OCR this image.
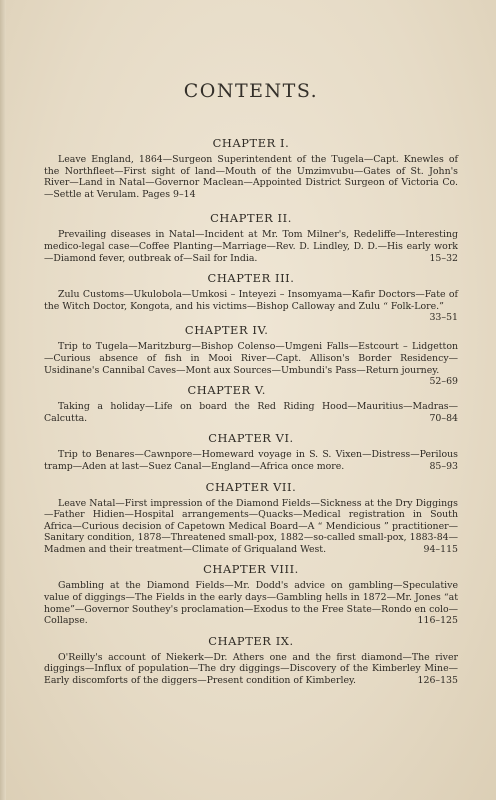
CONTENTS.
CHAPTER I.

Leave England, 1864—Surgeon Superintendent of the Tugela—Capt. Knewles of the Northfleet—First sight of land—Mouth of the Umzimvubu—Gates of St. John's River—Land in Natal—Governor Maclean—Appointed District Surgeon of Victoria Co.—Settle at Verulam. Pages 9–14

CHAPTER II.

Prevailing diseases in Natal—Incident at Mr. Tom Milner's, Redeliffe—Interesting medico-legal case—Coffee Planting—Marriage—Rev. D. Lindley, D. D.—His early work—Diamond fever, outbreak of—Sail for India.	15–32

CHAPTER III.

Zulu Customs—Ukulobola—Umkosi – Inteyezi – Insomyama—Kafir Doctors—Fate of the Witch Doctor, Kongota, and his victims—Bishop Calloway and Zulu “ Folk-Lore.”
33–51

CHAPTER IV.

Trip to Tugela—Maritzburg—Bishop Colenso—Umgeni Falls—Estcourt – Lidgetton—Curious absence of fish in Mooi River—Capt. Allison's Border Residency—Usidinane's Cannibal Caves—Mont aux Sources—Umbundi's Pass—Return journey.
52–69

CHAPTER V.

Taking a holiday—Life on board the Red Riding Hood—Mauritius—Madras—Calcutta.	70–84

CHAPTER VI.

Trip to Benares—Cawnpore—Homeward voyage in S. S. Vixen—Distress—Perilous tramp—Aden at last—Suez Canal—England—Africa once more.	85–93

CHAPTER VII.

Leave Natal—First impression of the Diamond Fields—Sickness at the Dry Diggings—Father Hidien—Hospital arrangements—Quacks—Medical registration in South Africa—Curious decision of Capetown Medical Board—A “ Mendicious ” practitioner—Sanitary condition, 1878—Threatened small-pox, 1882—so-called small-pox, 1883-84—Madmen and their treatment—Climate of Griqualand West.	94–115

CHAPTER VIII.

Gambling at the Diamond Fields—Mr. Dodd's advice on gambling—Speculative value of diggings—The Fields in the early days—Gambling hells in 1872—Mr. Jones “at home”—Governor Southey's proclamation—Exodus to the Free State—Rondo en colo—Collapse.	116–125

CHAPTER IX.

O'Reilly's account of Niekerk—Dr. Athers one and the first diamond—The river diggings—Influx of population—The dry diggings—Discovery of the Kimberley Mine—Early discomforts of the diggers—Present condition of Kimberley.	126–135
